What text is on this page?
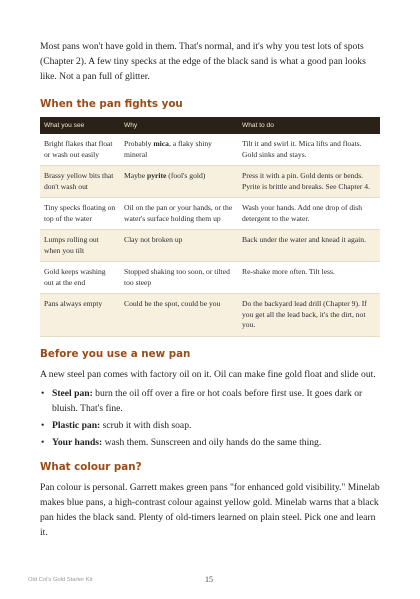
Most pans won't have gold in them. That's normal, and it's why you test lots of spots (Chapter 2). A few tiny specks at the edge of the black sand is what a good pan looks like. Not a pan full of glitter.

When the pan fights you
What you see	Why	What to do
Bright flakes that float or wash out easily	Probably mica, a flaky shiny mineral	Tilt it and swirl it. Mica lifts and floats. Gold sinks and stays.
Brassy yellow bits that don't wash out	Maybe pyrite (fool's gold)	Press it with a pin. Gold dents or bends. Pyrite is brittle and breaks. See Chapter 4.
Tiny specks floating on top of the water	Oil on the pan or your hands, or the water's surface holding them up	Wash your hands. Add one drop of dish detergent to the water.
Lumps rolling out when you tilt	Clay not broken up	Back under the water and knead it again.
Gold keeps washing out at the end	Stopped shaking too soon, or tilted too steep	Re-shake more often. Tilt less.
Pans always empty	Could be the spot, could be you	Do the backyard lead drill (Chapter 9). If you get all the lead back, it's the dirt, not you.
Before you use a new pan

A new steel pan comes with factory oil on it. Oil can make fine gold float and slide out.

• Steel pan: burn the oil off over a fire or hot coals before first use. It goes dark or bluish. That's fine.
• Plastic pan: scrub it with dish soap.
• Your hands: wash them. Sunscreen and oily hands do the same thing.
What colour pan?

Pan colour is personal. Garrett makes green pans "for enhanced gold visibility." Minelab makes blue pans, a high-contrast colour against yellow gold. Minelab warns that a black pan hides the black sand. Plenty of old-timers learned on plain steel. Pick one and learn it.

Old Col's Gold Starter Kit	15
